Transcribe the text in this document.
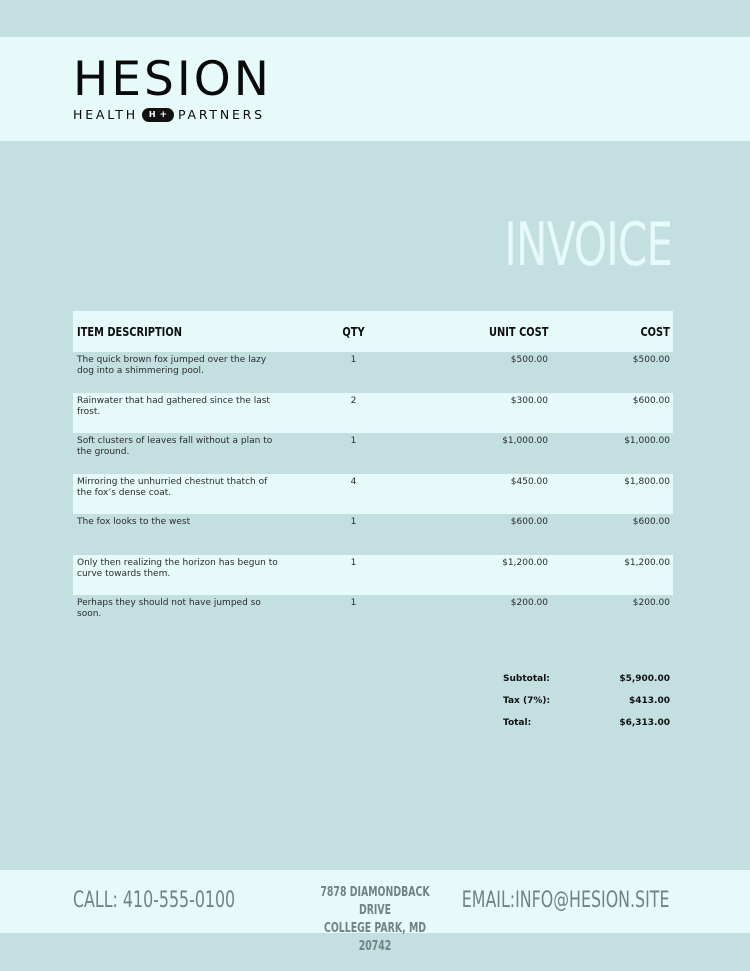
HESION
HEALTH H + PARTNERS
INVOICE
ITEM DESCRIPTION	QTY	UNIT COST	COST
The quick brown fox jumped over the lazy dog into a shimmering pool.	1	$500.00	$500.00
Rainwater that had gathered since the last frost.	2	$300.00	$600.00
Soft clusters of leaves fall without a plan to the ground.	1	$1,000.00	$1,000.00
Mirroring the unhurried chestnut thatch of the fox’s dense coat.	4	$450.00	$1,800.00
The fox looks to the west	1	$600.00	$600.00
Only then realizing the horizon has begun to curve towards them.	1	$1,200.00	$1,200.00
Perhaps they should not have jumped so soon.	1	$200.00	$200.00
Subtotal:	$5,900.00
Tax (7%):	$413.00
Total:	$6,313.00
CALL: 410-555-0100	7878 DIAMONDBACK DRIVE
COLLEGE PARK, MD 20742
EMAIL:INFO@HESION.SITE
